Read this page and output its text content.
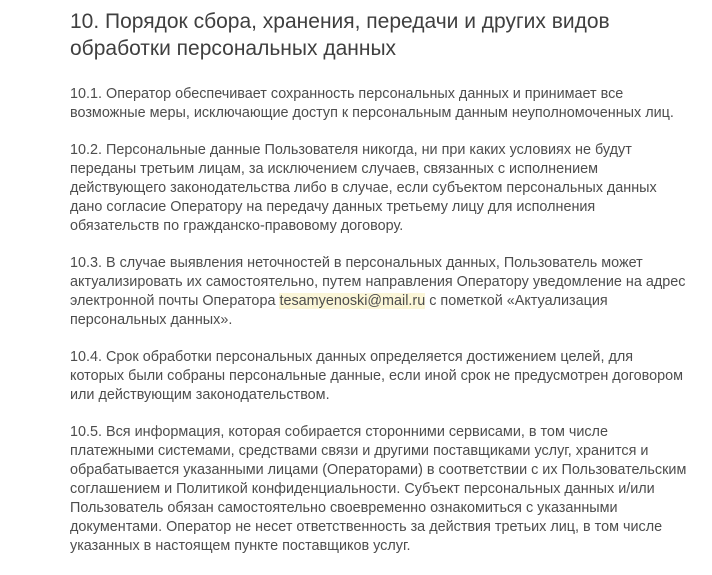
10. Порядок сбора, хранения, передачи и других видов обработки персональных данных

10.1. Оператор обеспечивает сохранность персональных данных и принимает все возможные меры, исключающие доступ к персональным данным неуполномоченных лиц.

10.2. Персональные данные Пользователя никогда, ни при каких условиях не будут переданы третьим лицам, за исключением случаев, связанных с исполнением действующего законодательства либо в случае, если субъектом персональных данных дано согласие Оператору на передачу данных третьему лицу для исполнения обязательств по гражданско-правовому договору.

10.3. В случае выявления неточностей в персональных данных, Пользователь может актуализировать их самостоятельно, путем направления Оператору уведомление на адрес электронной почты Оператора tesamyenoski@mail.ru с пометкой «Актуализация персональных данных».

10.4. Срок обработки персональных данных определяется достижением целей, для которых были собраны персональные данные, если иной срок не предусмотрен договором или действующим законодательством.

10.5. Вся информация, которая собирается сторонними сервисами, в том числе платежными системами, средствами связи и другими поставщиками услуг, хранится и обрабатывается указанными лицами (Операторами) в соответствии с их Пользовательским соглашением и Политикой конфиденциальности. Субъект персональных данных и/или Пользователь обязан самостоятельно своевременно ознакомиться с указанными документами. Оператор не несет ответственность за действия третьих лиц, в том числе указанных в настоящем пункте поставщиков услуг.
